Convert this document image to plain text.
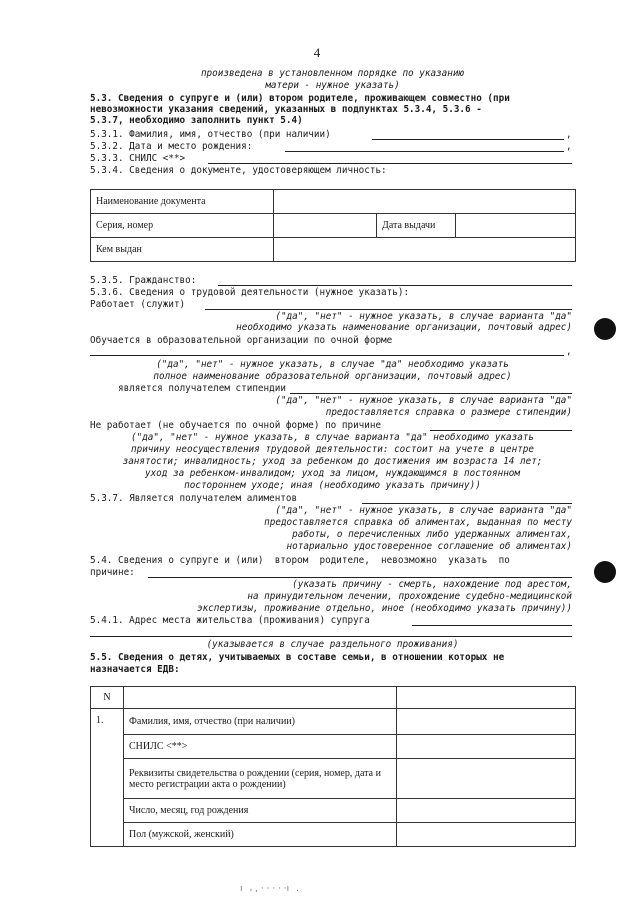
4
произведена в установленном порядке по указанию
матери - нужное указать)
5.3. Сведения о супруге и (или) втором родителе, проживающем совместно (при
невозможности указания сведений, указанных в подпунктах 5.3.4, 5.3.6 -
5.3.7, необходимо заполнить пункт 5.4)
5.3.1. Фамилия, имя, отчество (при наличии)	,
5.3.2. Дата и место рождения:	,
5.3.3. СНИЛС <**>
5.3.4. Сведения о документе, удостоверяющем личность:
Наименование документа			
Серия, номер		Дата выдачи	
Кем выдан			
5.3.5. Гражданство:
5.3.6. Сведения о трудовой деятельности (нужное указать):
Работает (служит)
("да", "нет" - нужное указать, в случае варианта "да"
необходимо указать наименование организации, почтовый адрес)
Обучается в образовательной организации по очной форме
,
("да", "нет" - нужное указать, в случае "да" необходимо указать
полное наименование образовательной организации, почтовый адрес)
является получателем стипендии
("да", "нет" - нужное указать, в случае варианта "да"
предоставляется справка о размере стипендии)
Не работает (не обучается по очной форме) по причине
("да", "нет" - нужное указать, в случае варианта "да" необходимо указать
причину неосуществления трудовой деятельности: состоит на учете в центре
занятости; инвалидность; уход за ребенком до достижения им возраста 14 лет;
уход за ребенком-инвалидом; уход за лицом, нуждающимся в постоянном
постороннем уходе; иная (необходимо указать причину))
5.3.7. Является получателем алиментов
("да", "нет" - нужное указать, в случае варианта "да"
предоставляется справка об алиментах, выданная по месту
работы, о перечисленных либо удержанных алиментах,
нотариально удостоверенное соглашение об алиментах)
5.4. Сведения о супруге и (или)  втором  родителе,  невозможно  указать  по
причине:
(указать причину - смерть, нахождение под арестом,
на принудительном лечении, прохождение судебно-медицинской
экспертизы, проживание отдельно, иное (необходимо указать причину))
5.4.1. Адрес места жительства (проживания) супруга
(указывается в случае раздельного проживания)
5.5. Сведения о детях, учитываемых в составе семьи, в отношении которых не
назначается ЕДВ:
N		
1.	Фамилия, имя, отчество (при наличии)	
	СНИЛС <**>	
	Реквизиты свидетельства о рождении (серия, номер, дата и место регистрации акта о рождении)	
	Число, месяц, год рождения	
	Пол (мужской, женский)	
ı ، , · · · · ·ı .
